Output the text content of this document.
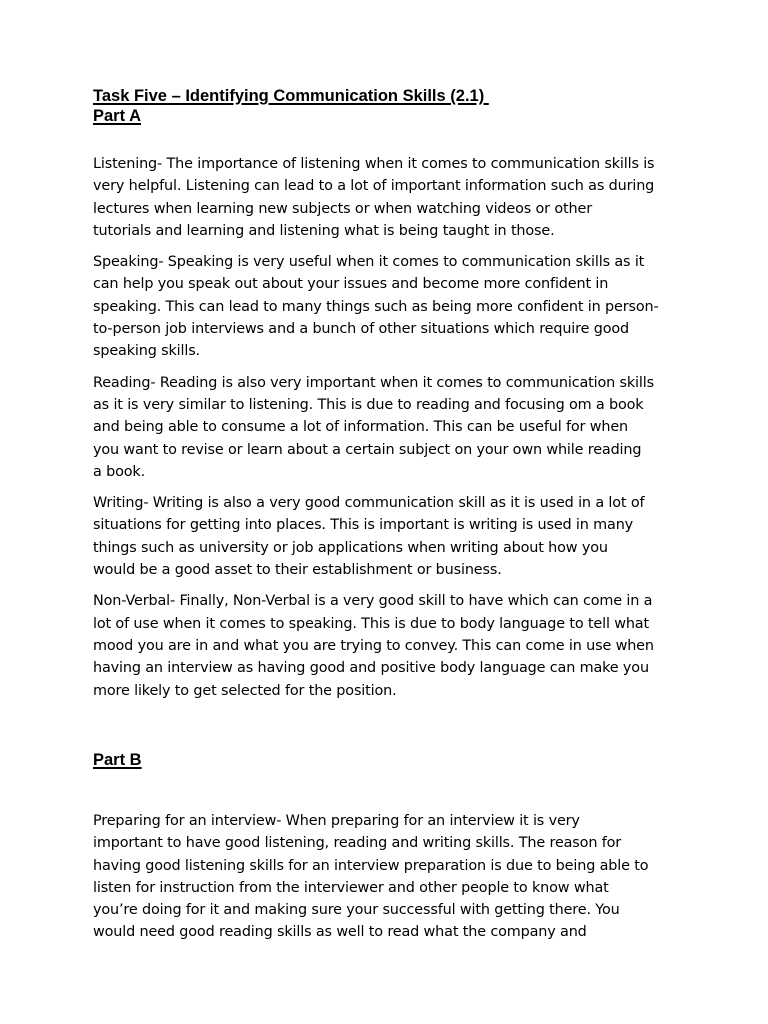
Task Five – Identifying Communication Skills (2.1)
Part A
Listening- The importance of listening when it comes to communication skills is
very helpful. Listening can lead to a lot of important information such as during
lectures when learning new subjects or when watching videos or other
tutorials and learning and listening what is being taught in those.
Speaking- Speaking is very useful when it comes to communication skills as it
can help you speak out about your issues and become more confident in
speaking. This can lead to many things such as being more confident in person-
to-person job interviews and a bunch of other situations which require good
speaking skills.
Reading- Reading is also very important when it comes to communication skills
as it is very similar to listening. This is due to reading and focusing om a book
and being able to consume a lot of information. This can be useful for when
you want to revise or learn about a certain subject on your own while reading
a book.
Writing- Writing is also a very good communication skill as it is used in a lot of
situations for getting into places. This is important is writing is used in many
things such as university or job applications when writing about how you
would be a good asset to their establishment or business.
Non-Verbal- Finally, Non-Verbal is a very good skill to have which can come in a
lot of use when it comes to speaking. This is due to body language to tell what
mood you are in and what you are trying to convey. This can come in use when
having an interview as having good and positive body language can make you
more likely to get selected for the position.
Part B
Preparing for an interview- When preparing for an interview it is very
important to have good listening, reading and writing skills. The reason for
having good listening skills for an interview preparation is due to being able to
listen for instruction from the interviewer and other people to know what
you’re doing for it and making sure your successful with getting there. You
would need good reading skills as well to read what the company and
